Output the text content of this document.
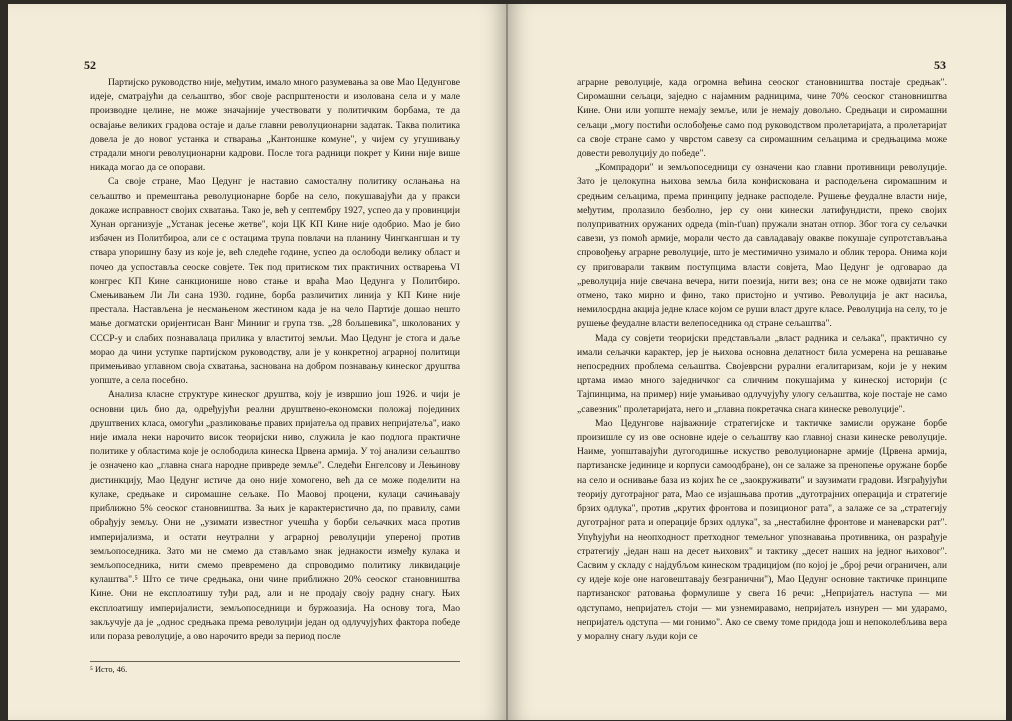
52

Партијско руководство није, међутим, имало много разумевања за ове Мао Цедунгове идеје, сматрајући да сељаштво, због своје распрштености и изолована села и у мале производне целине, не може значајније учествовати у политичким борбама, те да освајање великих градова остаје и даље главни револуционарни задатак. Таква политика довела је до новог устанка и стварања „Кантоншке комуне", у чијем су угушивању страдали многи револуционарни кадрови. После тога радници покрет у Кини није више никада могао да се опорави.

Са своје стране, Мао Цедунг је наставио самосталну политику ослањања на сељаштво и премештања револуционарне борбе на село, покушавајући да у пракси докаже исправност својих схватања. Тако је, већ у септембру 1927, успео да у провинцији Хунан организује „Устанак јесење жетве", који ЦК КП Кине није одобрио. Мао је био избачен из Политбироа, али се с остацима трупа повлачи на планину Чингкангшан и ту ствара упоришну базу из које је, већ следеће године, успео да ослободи велику област и почео да успоставља сеоске совјете. Тек под притиском тих практичних остварења VI конгрес КП Кине санкционише ново стање и враћа Мао Цедунга у Политбиро. Смењивањем Ли Ли сана 1930. године, борба различитих линија у КП Кине није престала. Настављена је несмањеном жестином када је на чело Партије дошао нешто мање догматски оријентисан Ванг Минииг и група тзв. „28 бољшевика", школованих у СССР-у и слабих познавалаца прилика у властитој земљи. Мао Цедунг је стога и даље морао да чини уступке партијском руководству, али је у конкретној аграрној политици примењивао углавном своја схватања, заснована на добром познавању кинеског друштва уопште, а села посебно.

Анализа класне структуре кинеског друштва, коју је извршио још 1926. и чији је основни циљ био да, одређујући реални друштвено-економски положај појединих друштвених класа, омогући „разликовање правих пријатеља од правих непријатеља", иако није имала неки нарочито висок теоријски ниво, служила је као подлога практичне политике у областима које је ослободила кинеска Црвена армија. У тој анализи сељаштво је означено као „главна снага народне привреде земље". Следећи Енгелсову и Лењинову дистинкцију, Мао Цедунг истиче да оно није хомогено, већ да се може поделити на кулаке, средњаке и сиромашне сељаке. По Маовој процени, кулаци сачињавају приближно 5% сеоског становништва. За њих је карактеристично да, по правилу, сами обрађују земљу. Они не „узимати известног учешћа у борби сељачких маса против империјализма, и остати неутрални у аграрној револуцији упереној против земљопоседника. Зато ми не смемо да стављамо знак једнакости између кулака и земљопоседника, нити смемо превремено да спроводимо политику ликвидације кулаштва".⁵ Што се тиче средњака, они чине приближно 20% сеоског становништва Кине. Они не експлоатишу туђи рад, али и не продају своју радну снагу. Њих експлоатишу империјалисти, земљопоседници и буржоазија. На основу тога, Мао закључује да је „однос средњака према револуцији један од одлучујућих фактора победе или пораза револуције, а ово нарочито вреди за период после

⁵ Исто, 46.
53

аграрне револуције, када огромна већина сеоског становништва постаје средњак". Сиромашни сељаци, заједно с најамним радницима, чине 70% сеоског становништва Кине. Они или уопште немају земље, или је немају довољно. Средњаци и сиромашни сељаци „могу постићи ослобођење само под руководством пролетаријата, а пролетаријат са своје стране само у чврстом савезу са сиромашним сељацима и средњацима може довести револуцију до победе".

„Компрадори" и земљопоседници су означени као главни противници револуције. Зато је целокупна њихова земља била конфискована и расподељена сиромашним и средњим сељацима, према принципу једнаке расподеле. Рушење феудалне власти није, међутим, пролазило безболно, јер су они кинески латифундисти, преко својих полуприватних оружаних одреда (min-t'uan) пружали знатан отпор. Због тога су сељачки савези, уз помоћ армије, морали често да савладавају овакве покушаје супротстављања спровођењу аграрне револуције, што је местимично узимало и облик терора. Онима који су приговарали таквим поступцима власти совјета, Мао Цедунг је одговарао да „револуција није свечана вечера, нити поезија, нити вез; она се не може одвијати тако отмено, тако мирно и фино, тако пристојно и учтиво. Револуција је акт насиља, немилосрдна акција једне класе којом се руши власт друге класе. Револуција на селу, то је рушење феудалне власти велепоседника од стране сељаштва".

Мада су совјети теоријски представљали „власт радника и сељака", практично су имали сељачки карактер, јер је њихова основна делатност била усмерена на решавање непосредних проблема сељаштва. Својеврсни рурални егалитаризам, који је у неким цртама имао много заједничког са сличним покушајима у кинеској историји (с Тајпинцима, на пример) није умањивао одлучујућу улогу сељаштва, које постаје не само „савезник" пролетаријата, него и „главна покретачка снага кинеске револуције".

Мао Цедунгове најважније стратегијске и тактичке замисли оружане борбе произишле су из ове основне идеје о сељаштву као главној снази кинеске револуције. Наиме, уопштавајући дугогодишње искуство револуционарне армије (Црвена армија, партизанске јединице и корпуси самоодбране), он се залаже за пренопење оружане борбе на село и оснивање база из којих ће се „заокруживати" и заузимати градови. Изграђујући теорију дуготрајног рата, Мао се изјашњава против „дуготрајних операција и стратегије брзих одлука", против „крутих фронтова и позиционог рата", а залаже се за „стратегију дуготрајног рата и операције брзих одлука", за „нестабилне фронтове и маневарски рат". Упућујући на неопходност претходног темељног упознавања противника, он разрађује стратегију „један наш на десет њихових" и тактику „десет наших на једног њиховог". Сасвим у складу с најдубљом кинеском традицијом (по којој је „број речи ограничен, али су идеје које оне наговештавају безгранични"), Мао Цедунг основне тактичке принципе партизанског ратовања формулише у свега 16 речи: „Непријатељ наступа — ми одступамо, непријатељ стоји — ми узнемиравамо, непријатељ изнурен — ми ударамо, непријатељ одступа — ми гонимо". Ако се свему томе придода још и непоколебљива вера у моралну снагу људи који се
